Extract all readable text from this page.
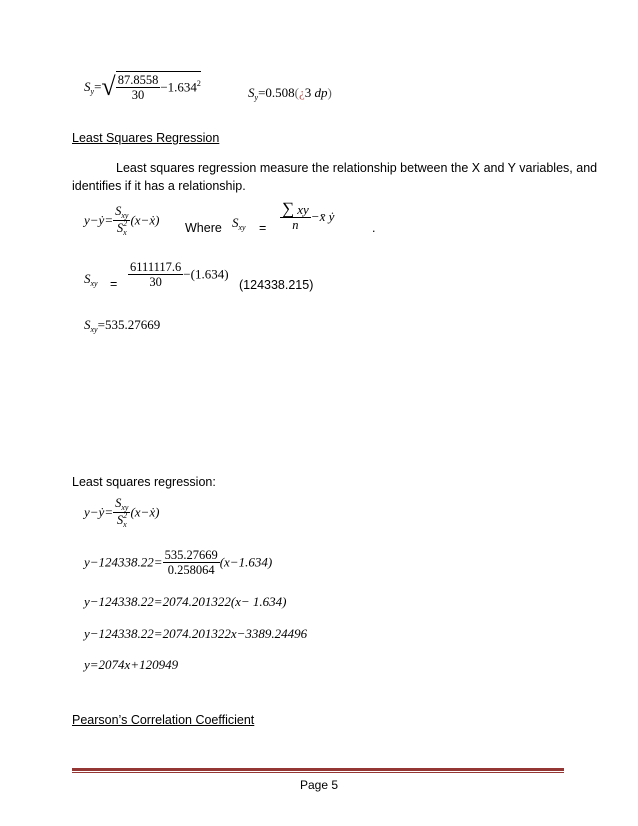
$Sy=√ \frac{87.8558}{30} -1.634^2$
Sy=0.508(¿3 dp)
Least Squares Regression
Least squares regression measure the relationship between the X and Y variables, and
identifies if it has a relationship.
y−ẏ= $\frac{S_{xy}}{S^2_x}$ (x−ẋ)
Where Sxy = $\frac{\sum xy}{n}$ −x̄ ẏ
.
Sxy = $\frac{6111117.6}{30} -(1.634)$
(124338.215)
Sxy=535.27669
Least squares regression:
y−ẏ= $\frac{S_{xy}}{S^2_x}$ (x−ẋ)
$y-124338.22= \frac{535.27669}{0.258064} (x-1.634)$
y−124338.22=2074.201322(x− 1.634)
y−124338.22=2074.201322x−3389.24496
y=2074x+120949
Pearson’s Correlation Coefficient
Page 5
